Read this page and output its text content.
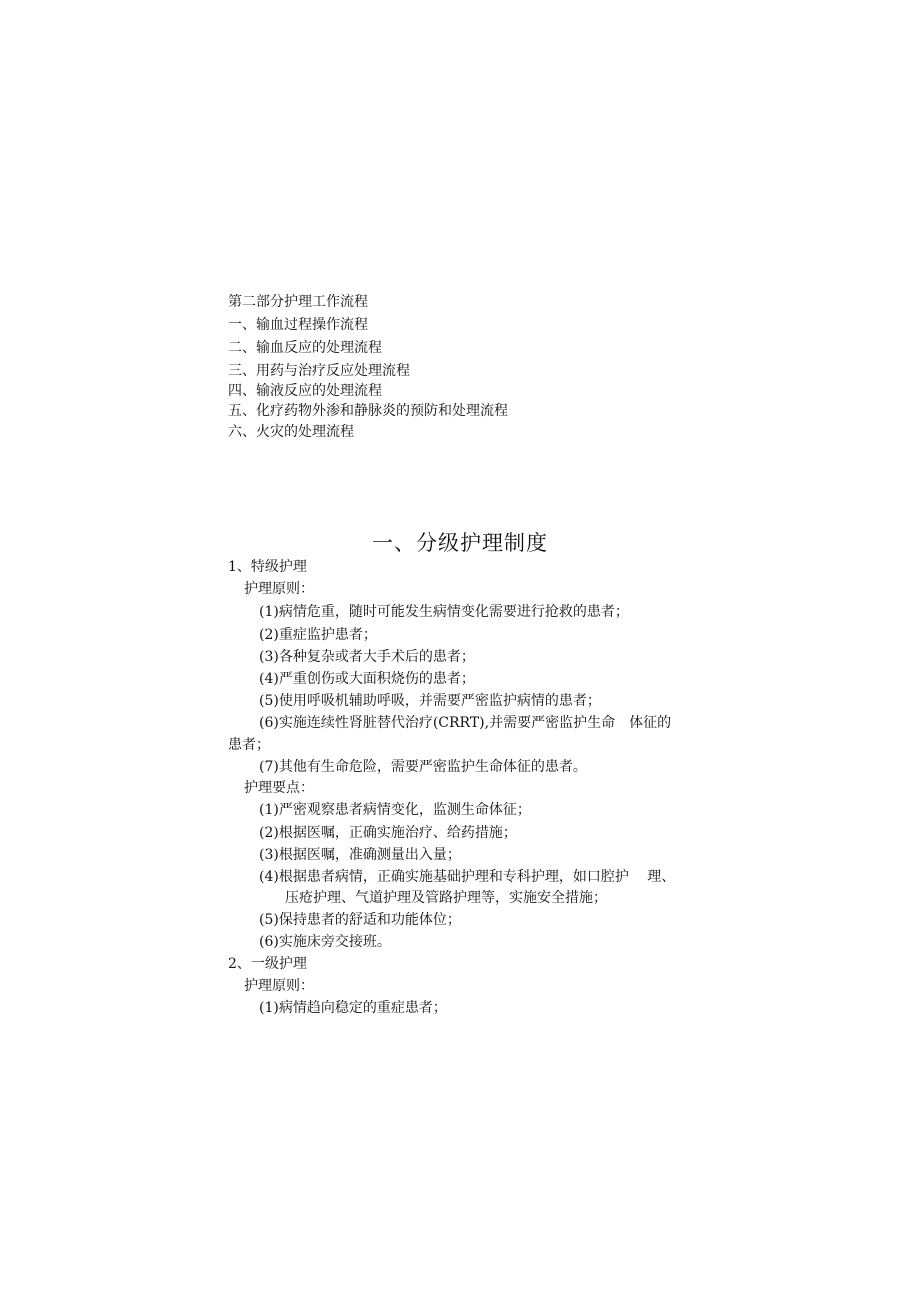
第二部分护理工作流程
一、输血过程操作流程
二、输血反应的处理流程
三、用药与治疗反应处理流程
四、输液反应的处理流程
五、化疗药物外渗和静脉炎的预防和处理流程
六、火灾的处理流程
一、分级护理制度
1、特级护理
护理原则：
(1)病情危重，随时可能发生病情变化需要进行抢救的患者；
(2)重症监护患者；
(3)各种复杂或者大手术后的患者；
(4)严重创伤或大面积烧伤的患者；
(5)使用呼吸机辅助呼吸，并需要严密监护病情的患者；
(6)实施连续性肾脏替代治疗(CRRT),并需要严密监护生命　体征的
患者；
(7)其他有生命危险，需要严密监护生命体征的患者。
护理要点：
(1)严密观察患者病情变化，监测生命体征；
(2)根据医嘱，正确实施治疗、给药措施；
(3)根据医嘱，准确测量出入量；
(4)根据患者病情，正确实施基础护理和专科护理，如口腔护　 理、
压疮护理、气道护理及管路护理等，实施安全措施；
(5)保持患者的舒适和功能体位；
(6)实施床旁交接班。
2、一级护理
护理原则：
(1)病情趋向稳定的重症患者；
